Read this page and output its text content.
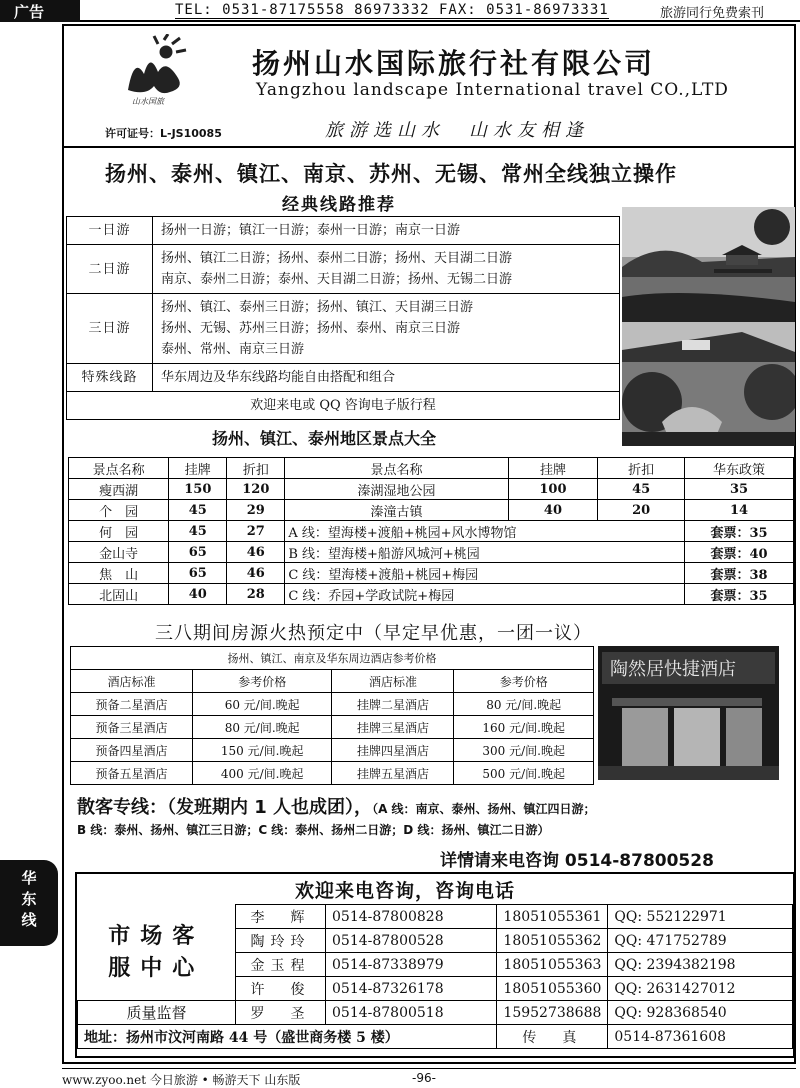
广告	TEL: 0531-87175558 86973332 FAX: 0531-86973331	旅游同行免费索刊
山水国旅
扬州山水国际旅行社有限公司
Yangzhou landscape International travel CO.,LTD
许可证号：L-JS10085	旅游选山水　山水友相逢
扬州、泰州、镇江、南京、苏州、无锡、常州全线独立操作
经典线路推荐
一日游	扬州一日游；镇江一日游；泰州一日游；南京一日游
二日游	扬州、镇江二日游；扬州、泰州二日游；扬州、天目湖二日游
南京、泰州二日游；泰州、天目湖二日游；扬州、无锡二日游

三日游	扬州、镇江、泰州三日游；扬州、镇江、天目湖三日游
扬州、无锡、苏州三日游；扬州、泰州、南京三日游
泰州、常州、南京三日游

特殊线路	华东周边及华东线路均能自由搭配和组合
欢迎来电或 QQ 咨询电子版行程	
扬州、镇江、泰州地区景点大全
景点名称	挂牌	折扣	景点名称	挂牌	折扣	华东政策
瘦西湖	150	120	溱湖湿地公园	100	45	35
个　园	45	29	溱潼古镇	40	20	14
何　园	45	27	A 线：望海楼+渡船+桃园+风水博物馆			套票：35
金山寺	65	46	B 线：望海楼+船游风城河+桃园			套票：40
焦　山	65	46	C 线：望海楼+渡船+桃园+梅园			套票：38
北固山	40	28	C 线：乔园+学政试院+梅园			套票：35
三八期间房源火热预定中（早定早优惠，一团一议）
扬州、镇江、南京及华东周边酒店参考价格			
酒店标准	参考价格	酒店标准	参考价格
预备二星酒店	60 元/间.晚起	挂牌二星酒店	80 元/间.晚起
预备三星酒店	80 元/间.晚起	挂牌三星酒店	160 元/间.晚起
预备四星酒店	150 元/间.晚起	挂牌四星酒店	300 元/间.晚起
预备五星酒店	400 元/间.晚起	挂牌五星酒店	500 元/间.晚起
陶然居快捷酒店
散客专线：（发班期内 1 人也成团），（A 线：南京、泰州、扬州、镇江四日游；
B 线：泰州、扬州、镇江三日游；C 线：泰州、扬州二日游；D 线：扬州、镇江二日游）
详情请来电咨询 0514-87800528
欢迎来电咨询，咨询电话
市场客服中心	李　辉	0514-87800828	18051055361	QQ: 552122971
	陶玲玲	0514-87800528	18051055362	QQ: 471752789
	金玉程	0514-87338979	18051055363	QQ: 2394382198
	许　俊	0514-87326178	18051055360	QQ: 2631427012
质量监督	罗　圣	0514-87800518	15952738688	QQ: 928368540
地址：扬州市汶河南路 44 号（盛世商务楼 5 楼）			传　真	0514-87361608
华东线
www.zyoo.net 今日旅游 • 畅游天下 山东版	-96-
